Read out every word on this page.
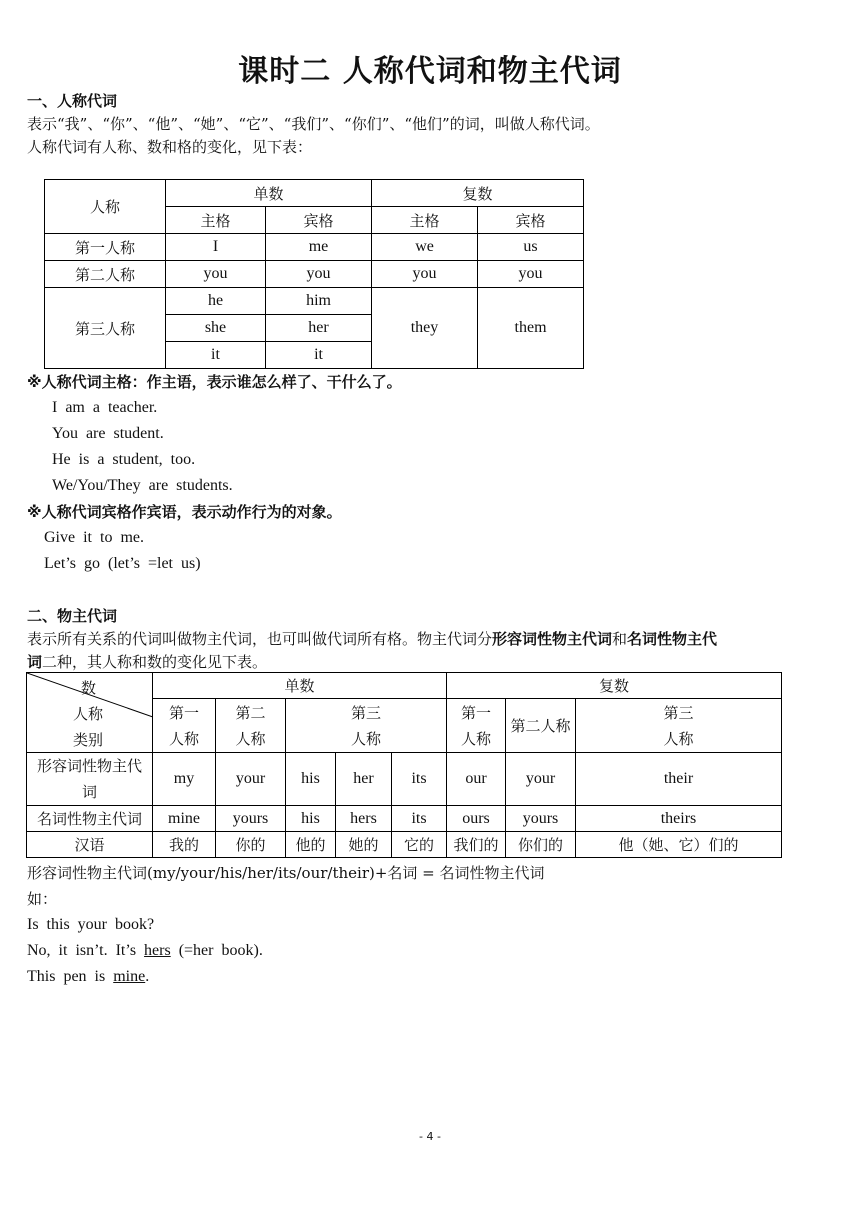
课时二 人称代词和物主代词
一、人称代词
表示“我”、“你”、“他”、“她”、“它”、“我们”、“你们”、“他们”的词，叫做人称代词。
人称代词有人称、数和格的变化，见下表：
人称	单数		复数	
	主格	宾格	主格	宾格
第一人称	I	me	we	us
第二人称	you	you	you	you
第三人称	he	him	they	them
	she	her		
	it	it		
※人称代词主格：作主语，表示谁怎么样了、干什么了。
I am a teacher.
You are student.
He is a student, too.
We/You/They are students.
※人称代词宾格作宾语，表示动作行为的对象。
Give it to me.
Let’s go (let’s =let us)
二、物主代词
表示所有关系的代词叫做物主代词，也可叫做代词所有格。物主代词分形容词性物主代词和名词性物主代
词二种，其人称和数的变化见下表。
数
人称
类别	单数					复数		

	第一人称	第二人称	第三人称			第一人称	第二人称	第三人称

形容词性物主代词	my	your	his	her	its	our	your	their
名词性物主代词	mine	yours	his	hers	its	ours	yours	theirs
汉语	我的	你的	他的	她的	它的	我们的	你们的	他（她、它）们的
形容词性物主代词(my/your/his/her/its/our/their)+名词 = 名词性物主代词
如：
Is this your book?
No, it isn’t. It’s hers (=her book).
This pen is mine.
- 4 -
